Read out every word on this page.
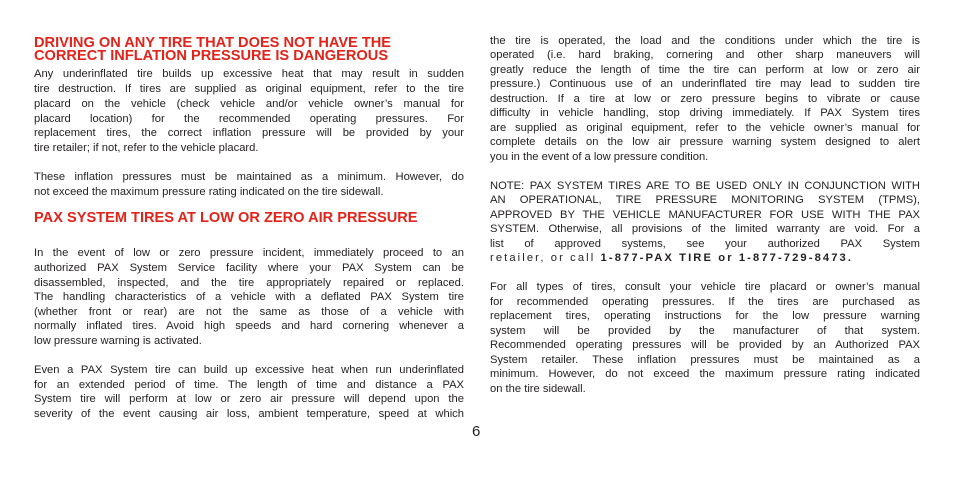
DRIVING ON ANY TIRE THAT DOES NOT HAVE THE
CORRECT INFLATION PRESSURE IS DANGEROUS
Any underinflated tire builds up excessive heat that may result in sudden
tire destruction. If tires are supplied as original equipment, refer to the tire
placard on the vehicle (check vehicle and/or vehicle owner’s manual for
placard location) for the recommended operating pressures. For
replacement tires, the correct inflation pressure will be provided by your
tire retailer; if not, refer to the vehicle placard.
These inflation pressures must be maintained as a minimum. However, do
not exceed the maximum pressure rating indicated on the tire sidewall.
PAX SYSTEM TIRES AT LOW OR ZERO AIR PRESSURE
In the event of low or zero pressure incident, immediately proceed to an
authorized PAX System Service facility where your PAX System can be
disassembled, inspected, and the tire appropriately repaired or replaced.
The handling characteristics of a vehicle with a deflated PAX System tire
(whether front or rear) are not the same as those of a vehicle with
normally inflated tires. Avoid high speeds and hard cornering whenever a
low pressure warning is activated.
Even a PAX System tire can build up excessive heat when run underinflated
for an extended period of time. The length of time and distance a PAX
System tire will perform at low or zero air pressure will depend upon the
severity of the event causing air loss, ambient temperature, speed at which
the tire is operated, the load and the conditions under which the tire is
operated (i.e. hard braking, cornering and other sharp maneuvers will
greatly reduce the length of time the tire can perform at low or zero air
pressure.) Continuous use of an underinflated tire may lead to sudden tire
destruction. If a tire at low or zero pressure begins to vibrate or cause
difficulty in vehicle handling, stop driving immediately. If PAX System tires
are supplied as original equipment, refer to the vehicle owner’s manual for
complete details on the low air pressure warning system designed to alert
you in the event of a low pressure condition.
NOTE: PAX SYSTEM TIRES ARE TO BE USED ONLY IN CONJUNCTION WITH
AN OPERATIONAL, TIRE PRESSURE MONITORING SYSTEM (TPMS),
APPROVED BY THE VEHICLE MANUFACTURER FOR USE WITH THE PAX
SYSTEM. Otherwise, all provisions of the limited warranty are void. For a
list of approved systems, see your authorized PAX System
retailer, or call 1-877-PAX TIRE or 1-877-729-8473.
For all types of tires, consult your vehicle tire placard or owner’s manual
for recommended operating pressures. If the tires are purchased as
replacement tires, operating instructions for the low pressure warning
system will be provided by the manufacturer of that system.
Recommended operating pressures will be provided by an Authorized PAX
System retailer. These inflation pressures must be maintained as a
minimum. However, do not exceed the maximum pressure rating indicated
on the tire sidewall.
6
